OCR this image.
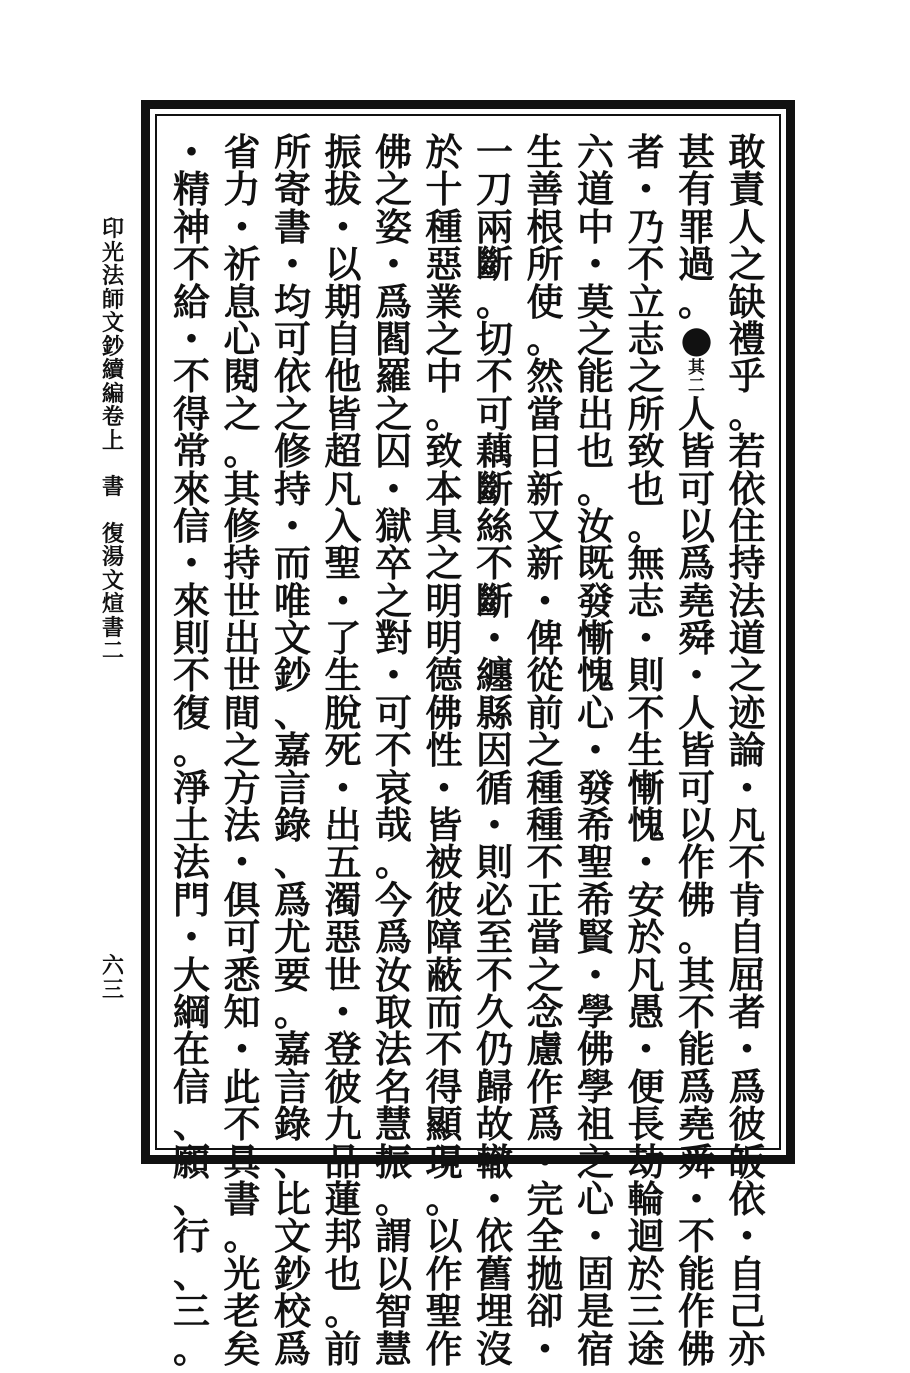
印
光
法
師
文
鈔
續
編
卷
上
書
復
湯
文
煊
書
二
六
三
敢
責
人
之
缺
禮
乎
。
若
依
住
持
法
道
之
迹
論
・
凡
不
肯
自
屈
者
・
爲
彼
皈
依
・
自
己
亦
甚
有
罪
過
。
●
其
二
人
皆
可
以
爲
堯
舜
・
人
皆
可
以
作
佛
。
其
不
能
爲
堯
舜
・
不
能
作
佛
者
・
乃
不
立
志
之
所
致
也
。
無
志
・
則
不
生
慚
愧
・
安
於
凡
愚
・
便
長
劫
輪
迴
於
三
途
六
道
中
・
莫
之
能
出
也
。
汝
既
發
慚
愧
心
・
發
希
聖
希
賢
・
學
佛
學
祖
之
心
・
固
是
宿
生
善
根
所
使
。
然
當
日
新
又
新
・
俾
從
前
之
種
種
不
正
當
之
念
慮
作
爲
・
完
全
拋
卻
・
一
刀
兩
斷
。
切
不
可
藕
斷
絲
不
斷
・
纏
縣
因
循
・
則
必
至
不
久
仍
歸
故
轍
・
依
舊
埋
沒
於
十
種
惡
業
之
中
。
致
本
具
之
明
明
德
佛
性
・
皆
被
彼
障
蔽
而
不
得
顯
現
。
以
作
聖
作
佛
之
姿
・
爲
閻
羅
之
囚
・
獄
卒
之
對
・
可
不
哀
哉
。
今
爲
汝
取
法
名
慧
振
。
謂
以
智
慧
振
拔
・
以
期
自
他
皆
超
凡
入
聖
・
了
生
脫
死
・
出
五
濁
惡
世
・
登
彼
九
品
蓮
邦
也
。
前
所
寄
書
・
均
可
依
之
修
持
・
而
唯
文
鈔
、
嘉
言
錄
、
爲
尤
要
。
嘉
言
錄
、
比
文
鈔
校
爲
省
力
・
祈
息
心
閱
之
。
其
修
持
世
出
世
間
之
方
法
・
俱
可
悉
知
・
此
不
具
書
。
光
老
矣
・
精
神
不
給
・
不
得
常
來
信
・
來
則
不
復
。
淨
土
法
門
・
大
綱
在
信
、
願
、
行
、
三
。
